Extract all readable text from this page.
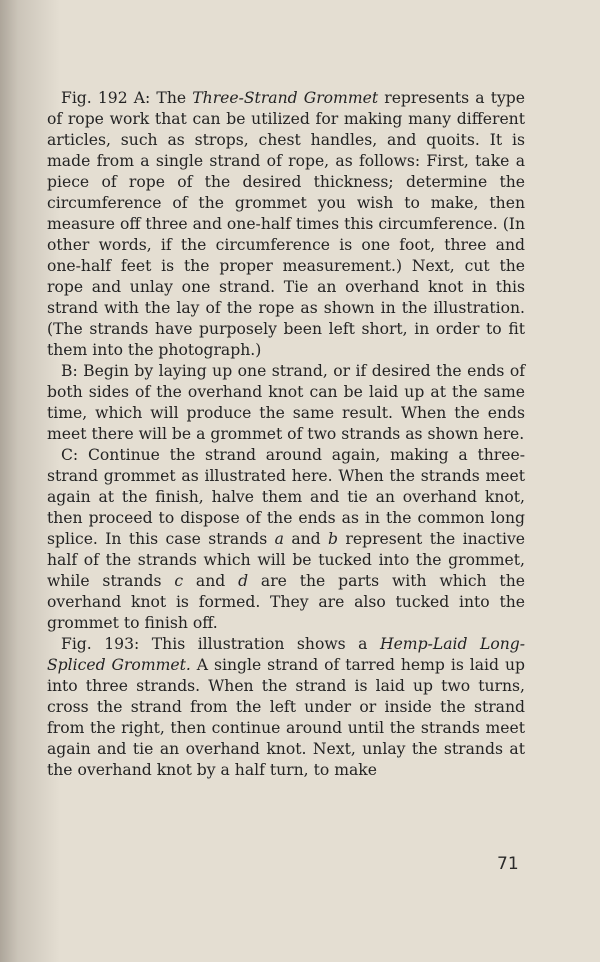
Fig. 192 A: The Three-Strand Grommet represents a type of rope work that can be utilized for making many different articles, such as strops, chest handles, and quoits. It is made from a single strand of rope, as follows: First, take a piece of rope of the desired thickness; determine the circumference of the grommet you wish to make, then measure off three and one-half times this circumference. (In other words, if the circumference is one foot, three and one-half feet is the proper measurement.) Next, cut the rope and unlay one strand. Tie an overhand knot in this strand with the lay of the rope as shown in the illustration. (The strands have purposely been left short, in order to fit them into the photograph.)

B: Begin by laying up one strand, or if desired the ends of both sides of the overhand knot can be laid up at the same time, which will produce the same result. When the ends meet there will be a grommet of two strands as shown here.

C: Continue the strand around again, making a three-strand grommet as illustrated here. When the strands meet again at the finish, halve them and tie an overhand knot, then proceed to dispose of the ends as in the common long splice. In this case strands a and b represent the inactive half of the strands which will be tucked into the grommet, while strands c and d are the parts with which the overhand knot is formed. They are also tucked into the grommet to finish off.

Fig. 193: This illustration shows a Hemp-Laid Long-Spliced Grommet. A single strand of tarred hemp is laid up into three strands. When the strand is laid up two turns, cross the strand from the left under or inside the strand from the right, then continue around until the strands meet again and tie an overhand knot. Next, unlay the strands at the overhand knot by a half turn, to make

71
